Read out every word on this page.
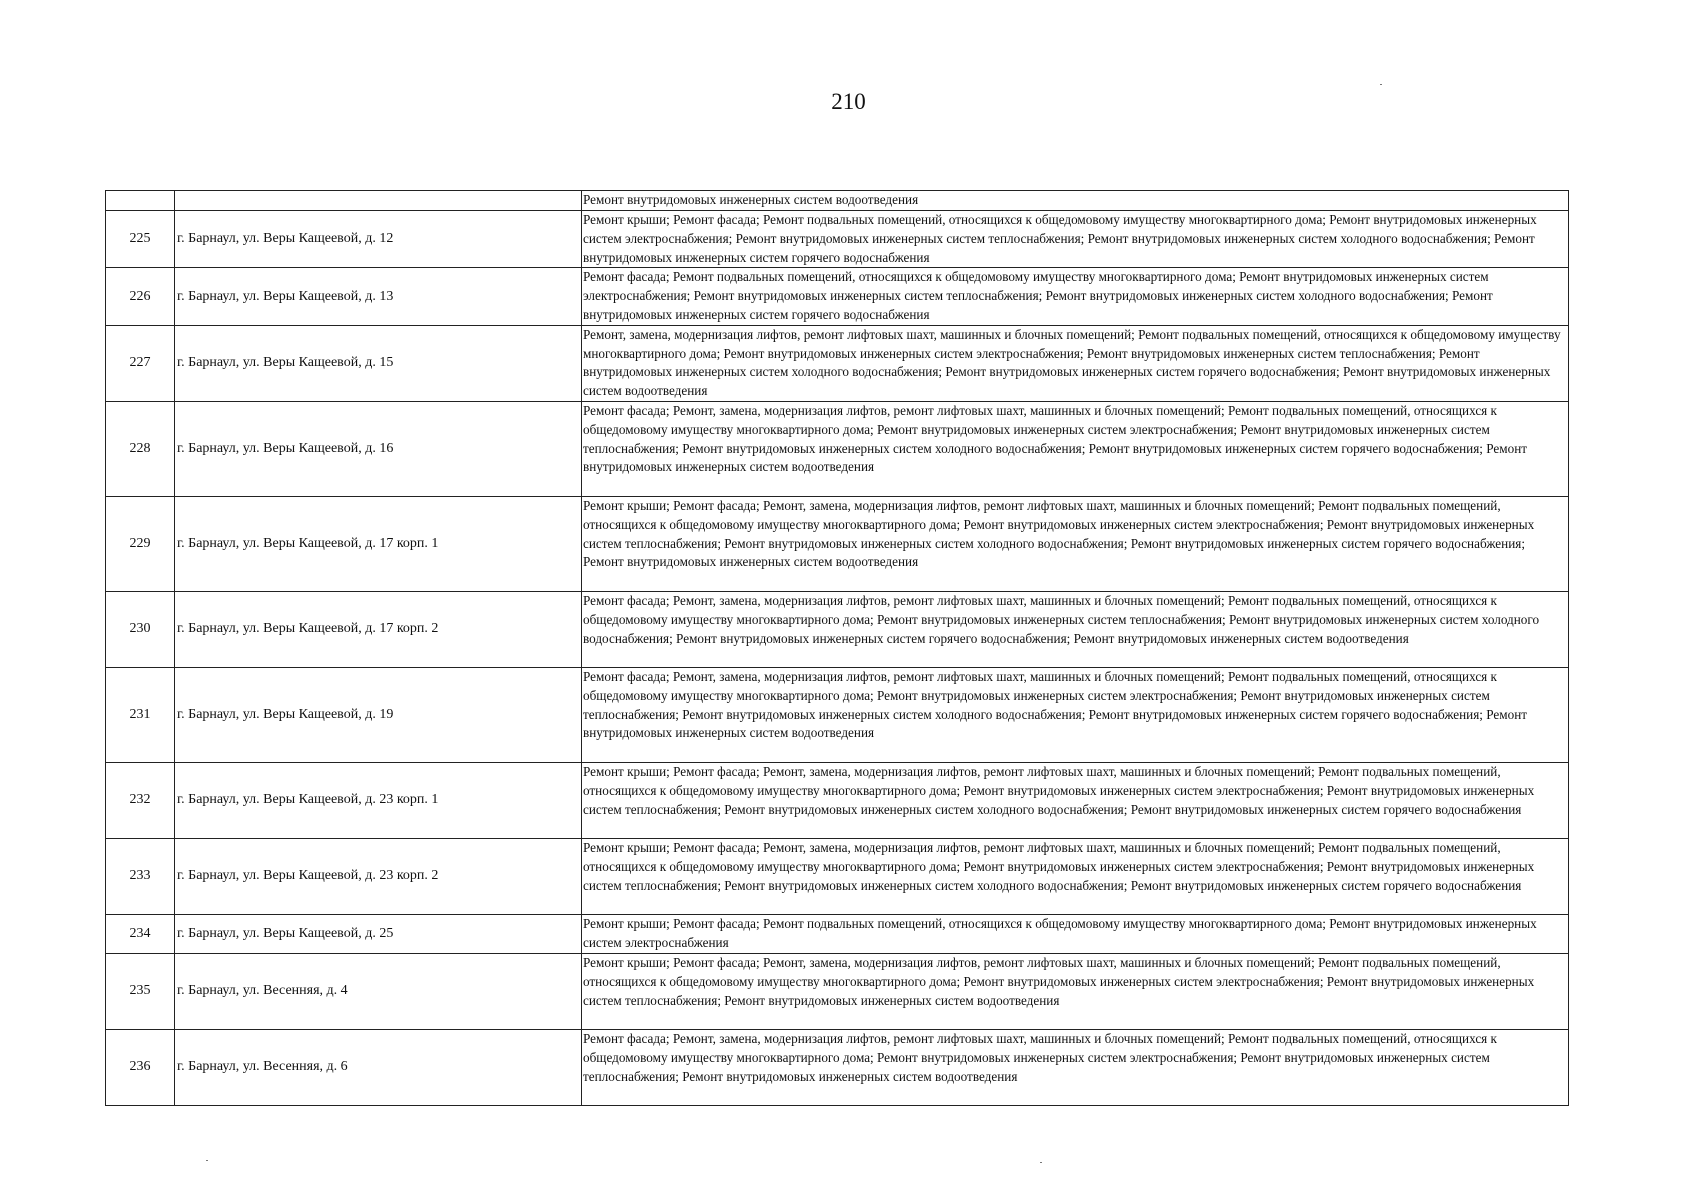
210
		Ремонт внутридомовых инженерных систем водоотведения
225	г. Барнаул, ул. Веры Кащеевой, д. 12	Ремонт крыши; Ремонт фасада; Ремонт подвальных помещений, относящихся к общедомовому имуществу многоквартирного дома; Ремонт внутридомовых инженерных систем электроснабжения; Ремонт внутридомовых инженерных систем теплоснабжения; Ремонт внутридомовых инженерных систем холодного водоснабжения; Ремонт внутридомовых инженерных систем горячего водоснабжения
226	г. Барнаул, ул. Веры Кащеевой, д. 13	Ремонт фасада; Ремонт подвальных помещений, относящихся к общедомовому имуществу многоквартирного дома; Ремонт внутридомовых инженерных систем электроснабжения; Ремонт внутридомовых инженерных систем теплоснабжения; Ремонт внутридомовых инженерных систем холодного водоснабжения; Ремонт внутридомовых инженерных систем горячего водоснабжения
227	г. Барнаул, ул. Веры Кащеевой, д. 15	Ремонт, замена, модернизация лифтов, ремонт лифтовых шахт, машинных и блочных помещений; Ремонт подвальных помещений, относящихся к общедомовому имуществу многоквартирного дома; Ремонт внутридомовых инженерных систем электроснабжения; Ремонт внутридомовых инженерных систем теплоснабжения; Ремонт внутридомовых инженерных систем холодного водоснабжения; Ремонт внутридомовых инженерных систем горячего водоснабжения; Ремонт внутридомовых инженерных систем водоотведения
228	г. Барнаул, ул. Веры Кащеевой, д. 16	Ремонт фасада; Ремонт, замена, модернизация лифтов, ремонт лифтовых шахт, машинных и блочных помещений; Ремонт подвальных помещений, относящихся к общедомовому имуществу многоквартирного дома; Ремонт внутридомовых инженерных систем электроснабжения; Ремонт внутридомовых инженерных систем теплоснабжения; Ремонт внутридомовых инженерных систем холодного водоснабжения; Ремонт внутридомовых инженерных систем горячего водоснабжения; Ремонт внутридомовых инженерных систем водоотведения
229	г. Барнаул, ул. Веры Кащеевой, д. 17 корп. 1	Ремонт крыши; Ремонт фасада; Ремонт, замена, модернизация лифтов, ремонт лифтовых шахт, машинных и блочных помещений; Ремонт подвальных помещений, относящихся к общедомовому имуществу многоквартирного дома; Ремонт внутридомовых инженерных систем электроснабжения; Ремонт внутридомовых инженерных систем теплоснабжения; Ремонт внутридомовых инженерных систем холодного водоснабжения; Ремонт внутридомовых инженерных систем горячего водоснабжения; Ремонт внутридомовых инженерных систем водоотведения
230	г. Барнаул, ул. Веры Кащеевой, д. 17 корп. 2	Ремонт фасада; Ремонт, замена, модернизация лифтов, ремонт лифтовых шахт, машинных и блочных помещений; Ремонт подвальных помещений, относящихся к общедомовому имуществу многоквартирного дома; Ремонт внутридомовых инженерных систем теплоснабжения; Ремонт внутридомовых инженерных систем холодного водоснабжения; Ремонт внутридомовых инженерных систем горячего водоснабжения; Ремонт внутридомовых инженерных систем водоотведения
231	г. Барнаул, ул. Веры Кащеевой, д. 19	Ремонт фасада; Ремонт, замена, модернизация лифтов, ремонт лифтовых шахт, машинных и блочных помещений; Ремонт подвальных помещений, относящихся к общедомовому имуществу многоквартирного дома; Ремонт внутридомовых инженерных систем электроснабжения; Ремонт внутридомовых инженерных систем теплоснабжения; Ремонт внутридомовых инженерных систем холодного водоснабжения; Ремонт внутридомовых инженерных систем горячего водоснабжения; Ремонт внутридомовых инженерных систем водоотведения
232	г. Барнаул, ул. Веры Кащеевой, д. 23 корп. 1	Ремонт крыши; Ремонт фасада; Ремонт, замена, модернизация лифтов, ремонт лифтовых шахт, машинных и блочных помещений; Ремонт подвальных помещений, относящихся к общедомовому имуществу многоквартирного дома; Ремонт внутридомовых инженерных систем электроснабжения; Ремонт внутридомовых инженерных систем теплоснабжения; Ремонт внутридомовых инженерных систем холодного водоснабжения; Ремонт внутридомовых инженерных систем горячего водоснабжения
233	г. Барнаул, ул. Веры Кащеевой, д. 23 корп. 2	Ремонт крыши; Ремонт фасада; Ремонт, замена, модернизация лифтов, ремонт лифтовых шахт, машинных и блочных помещений; Ремонт подвальных помещений, относящихся к общедомовому имуществу многоквартирного дома; Ремонт внутридомовых инженерных систем электроснабжения; Ремонт внутридомовых инженерных систем теплоснабжения; Ремонт внутридомовых инженерных систем холодного водоснабжения; Ремонт внутридомовых инженерных систем горячего водоснабжения
234	г. Барнаул, ул. Веры Кащеевой, д. 25	Ремонт крыши; Ремонт фасада; Ремонт подвальных помещений, относящихся к общедомовому имуществу многоквартирного дома; Ремонт внутридомовых инженерных систем электроснабжения
235	г. Барнаул, ул. Весенняя, д. 4	Ремонт крыши; Ремонт фасада; Ремонт, замена, модернизация лифтов, ремонт лифтовых шахт, машинных и блочных помещений; Ремонт подвальных помещений, относящихся к общедомовому имуществу многоквартирного дома; Ремонт внутридомовых инженерных систем электроснабжения; Ремонт внутридомовых инженерных систем теплоснабжения; Ремонт внутридомовых инженерных систем водоотведения
236	г. Барнаул, ул. Весенняя, д. 6	Ремонт фасада; Ремонт, замена, модернизация лифтов, ремонт лифтовых шахт, машинных и блочных помещений; Ремонт подвальных помещений, относящихся к общедомовому имуществу многоквартирного дома; Ремонт внутридомовых инженерных систем электроснабжения; Ремонт внутридомовых инженерных систем теплоснабжения; Ремонт внутридомовых инженерных систем водоотведения
